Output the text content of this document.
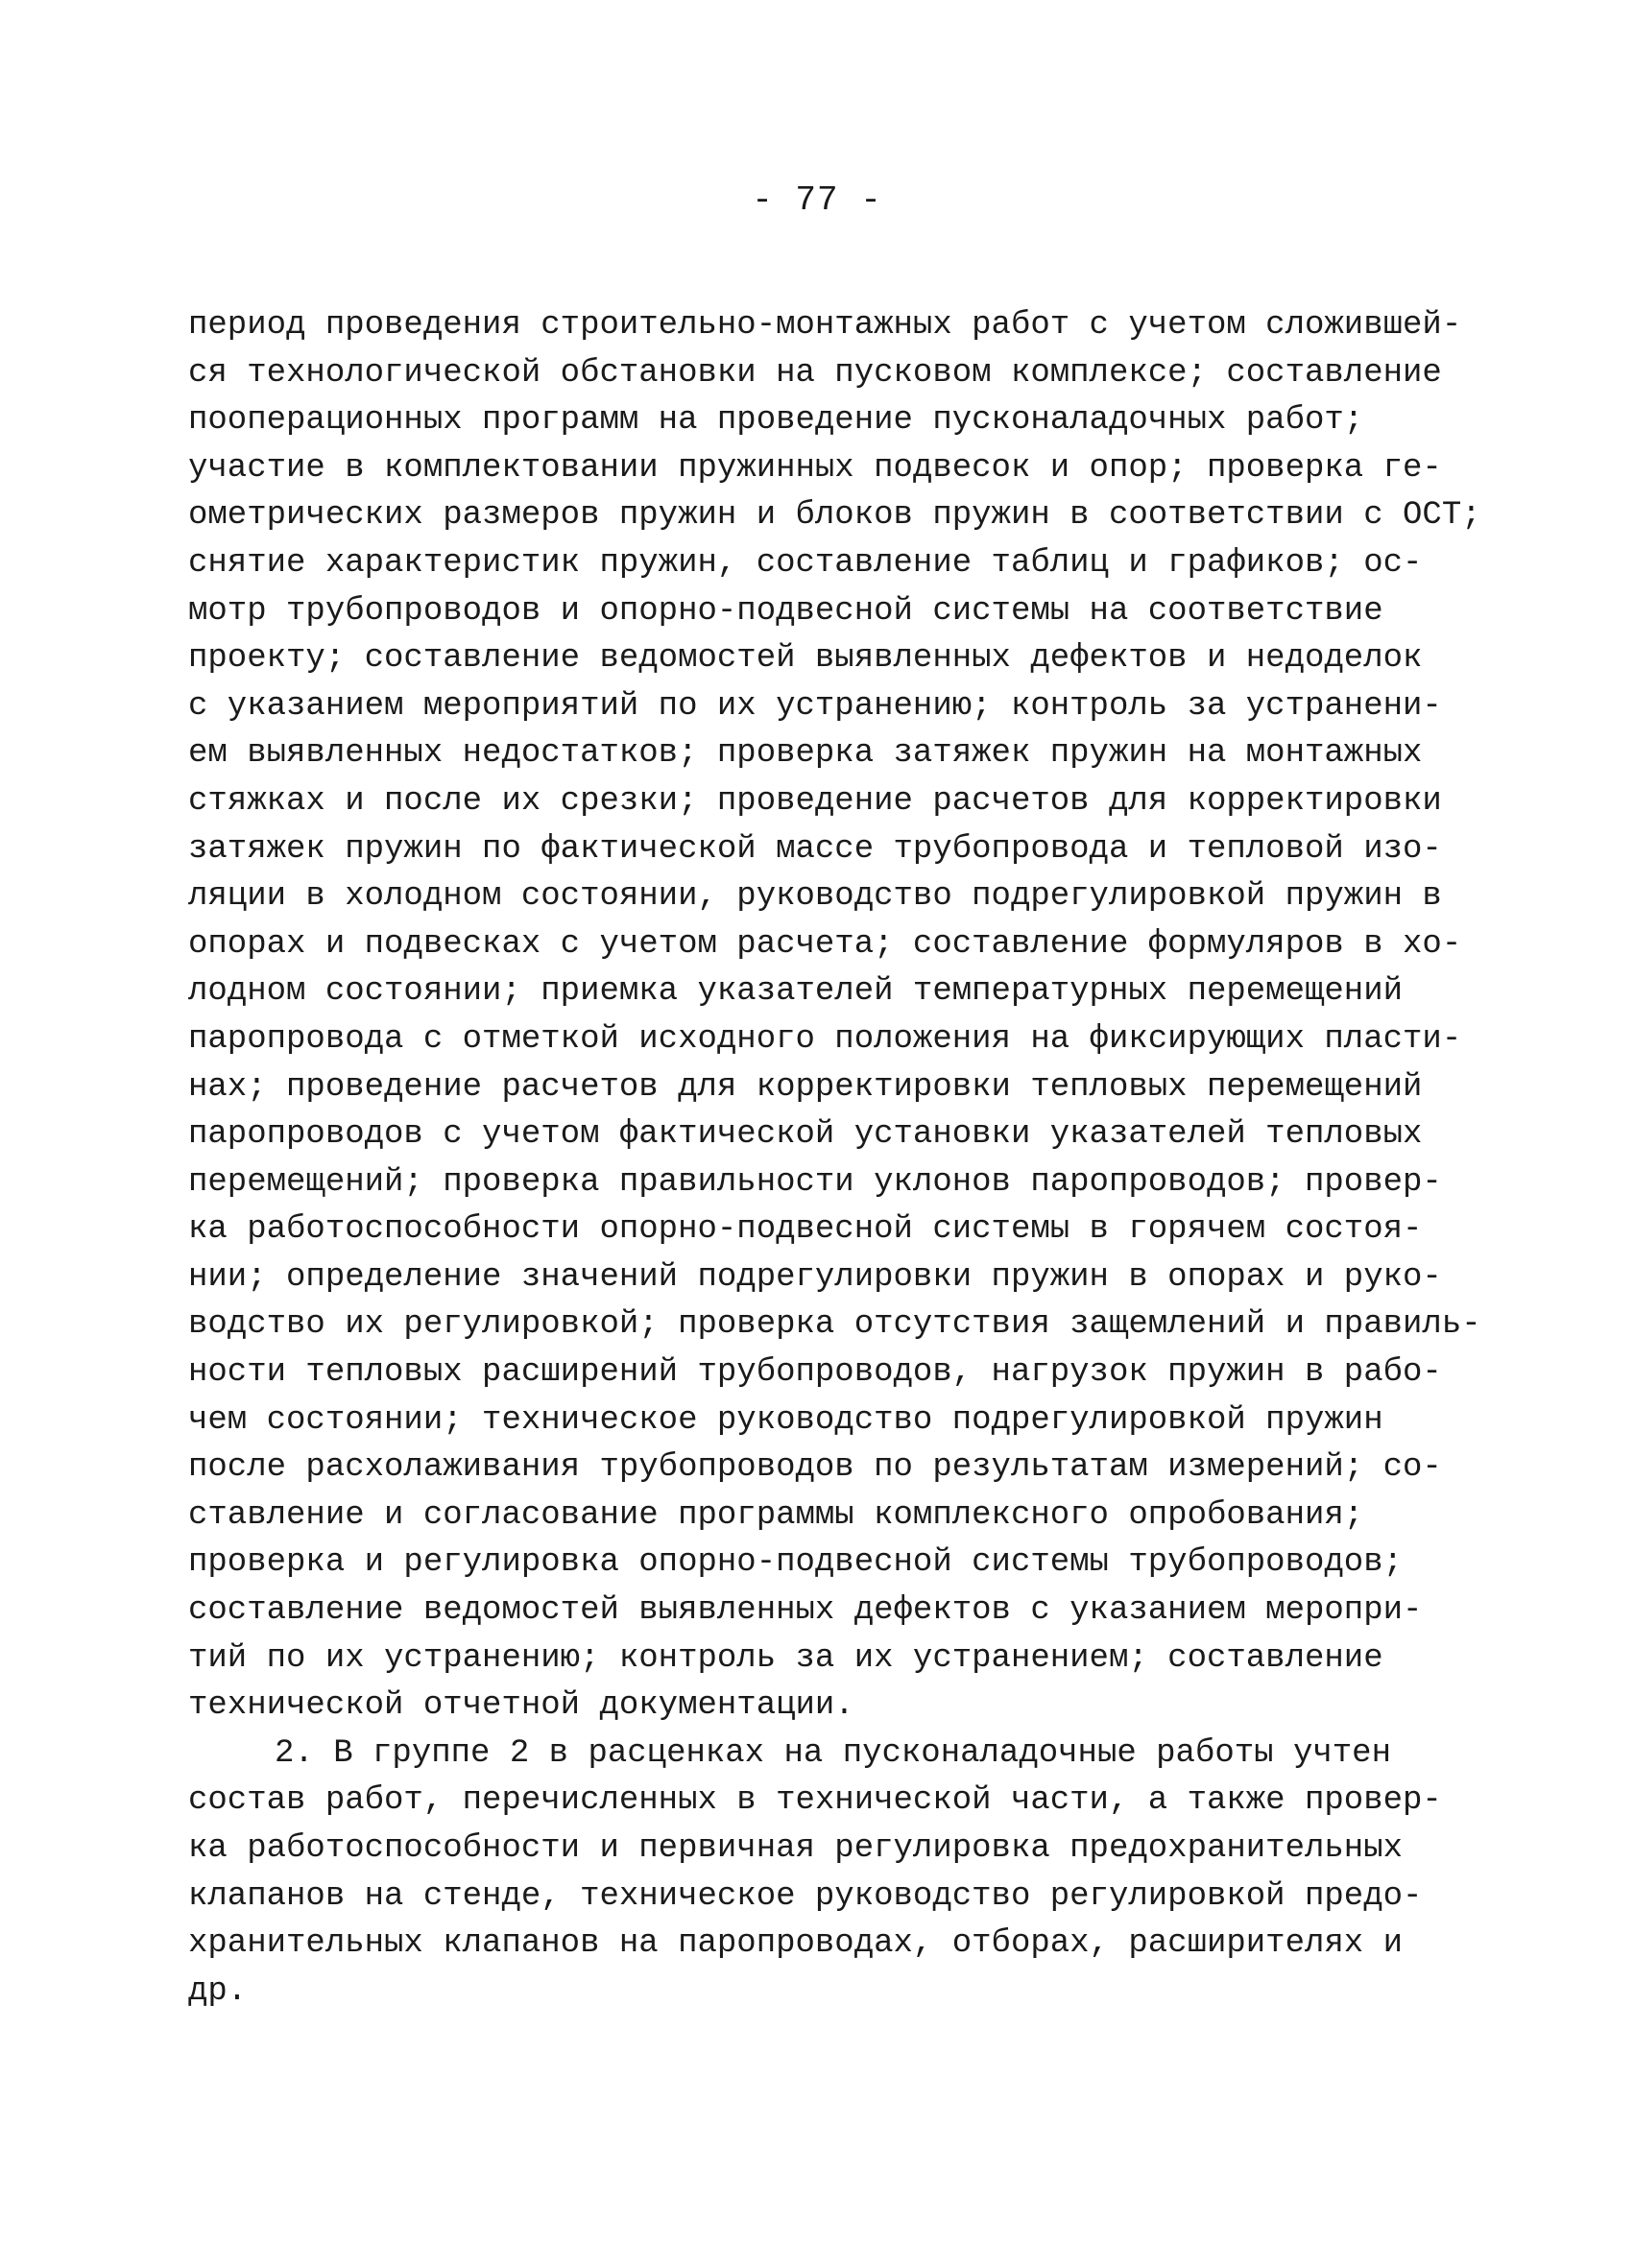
- 77 -
период проведения строительно-монтажных работ с учетом сложившей-
ся технологической обстановки на пусковом комплексе; составление
пооперационных программ на проведение пусконаладочных работ;
участие в комплектовании пружинных подвесок и опор; проверка ге-
ометрических размеров пружин и блоков пружин в соответствии с ОСТ;
снятие характеристик пружин, составление таблиц и графиков; ос-
мотр трубопроводов и опорно-подвесной системы на соответствие
проекту; составление ведомостей выявленных дефектов и недоделок
с указанием мероприятий по их устранению; контроль за устранени-
ем выявленных недостатков; проверка затяжек пружин на монтажных
стяжках и после их срезки; проведение расчетов для корректировки
затяжек пружин по фактической массе трубопровода и тепловой изо-
ляции в холодном состоянии, руководство подрегулировкой пружин в
опорах и подвесках с учетом расчета; составление формуляров в хо-
лодном состоянии; приемка указателей температурных перемещений
паропровода с отметкой исходного положения на фиксирующих пласти-
нах; проведение расчетов для корректировки тепловых перемещений
паропроводов с учетом фактической установки указателей тепловых
перемещений; проверка правильности уклонов паропроводов; провер-
ка работоспособности опорно-подвесной системы в горячем состоя-
нии; определение значений подрегулировки пружин в опорах и руко-
водство их регулировкой; проверка отсутствия защемлений и правиль-
ности тепловых расширений трубопроводов, нагрузок пружин в рабо-
чем состоянии; техническое руководство подрегулировкой пружин
после расхолаживания трубопроводов по результатам измерений; со-
ставление и согласование программы комплексного опробования;
проверка и регулировка опорно-подвесной системы трубопроводов;
составление ведомостей выявленных дефектов с указанием меропри-
тий по их устранению; контроль за их устранением; составление
технической отчетной документации.
2. В группе 2 в расценках на пусконаладочные работы учтен
состав работ, перечисленных в технической части, а также провер-
ка работоспособности и первичная регулировка предохранительных
клапанов на стенде, техническое руководство регулировкой предо-
хранительных клапанов на паропроводах, отборах, расширителях и
др.
